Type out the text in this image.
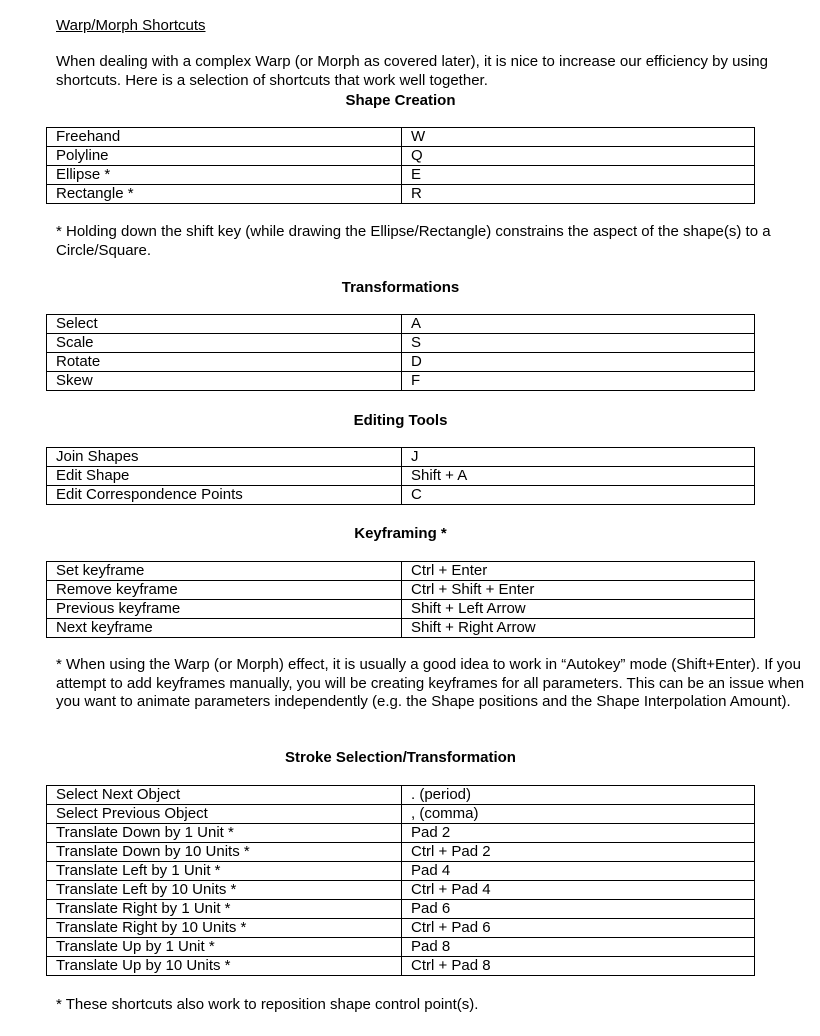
Warp/Morph Shortcuts
When dealing with a complex Warp (or Morph as covered later), it is nice to increase our efficiency by using shortcuts. Here is a selection of shortcuts that work well together.
Shape Creation
Freehand	W
Polyline	Q
Ellipse *	E
Rectangle *	R
* Holding down the shift key (while drawing the Ellipse/Rectangle) constrains the aspect of the shape(s) to a Circle/Square.
Transformations
Select	A
Scale	S
Rotate	D
Skew	F
Editing Tools
Join Shapes	J
Edit Shape	Shift + A
Edit Correspondence Points	C
Keyframing *
Set keyframe	Ctrl + Enter
Remove keyframe	Ctrl + Shift + Enter
Previous keyframe	Shift + Left Arrow
Next keyframe	Shift + Right Arrow
* When using the Warp (or Morph) effect, it is usually a good idea to work in “Autokey” mode (Shift+Enter). If you attempt to add keyframes manually, you will be creating keyframes for all parameters. This can be an issue when you want to animate parameters independently (e.g. the Shape positions and the Shape Interpolation Amount).
Stroke Selection/Transformation
Select Next Object	. (period)
Select Previous Object	, (comma)
Translate Down by 1 Unit *	Pad 2
Translate Down by 10 Units *	Ctrl + Pad 2
Translate Left by 1 Unit *	Pad 4
Translate Left by 10 Units *	Ctrl + Pad 4
Translate Right by 1 Unit *	Pad 6
Translate Right by 10 Units *	Ctrl + Pad 6
Translate Up by 1 Unit *	Pad 8
Translate Up by 10 Units *	Ctrl + Pad 8
* These shortcuts also work to reposition shape control point(s).
